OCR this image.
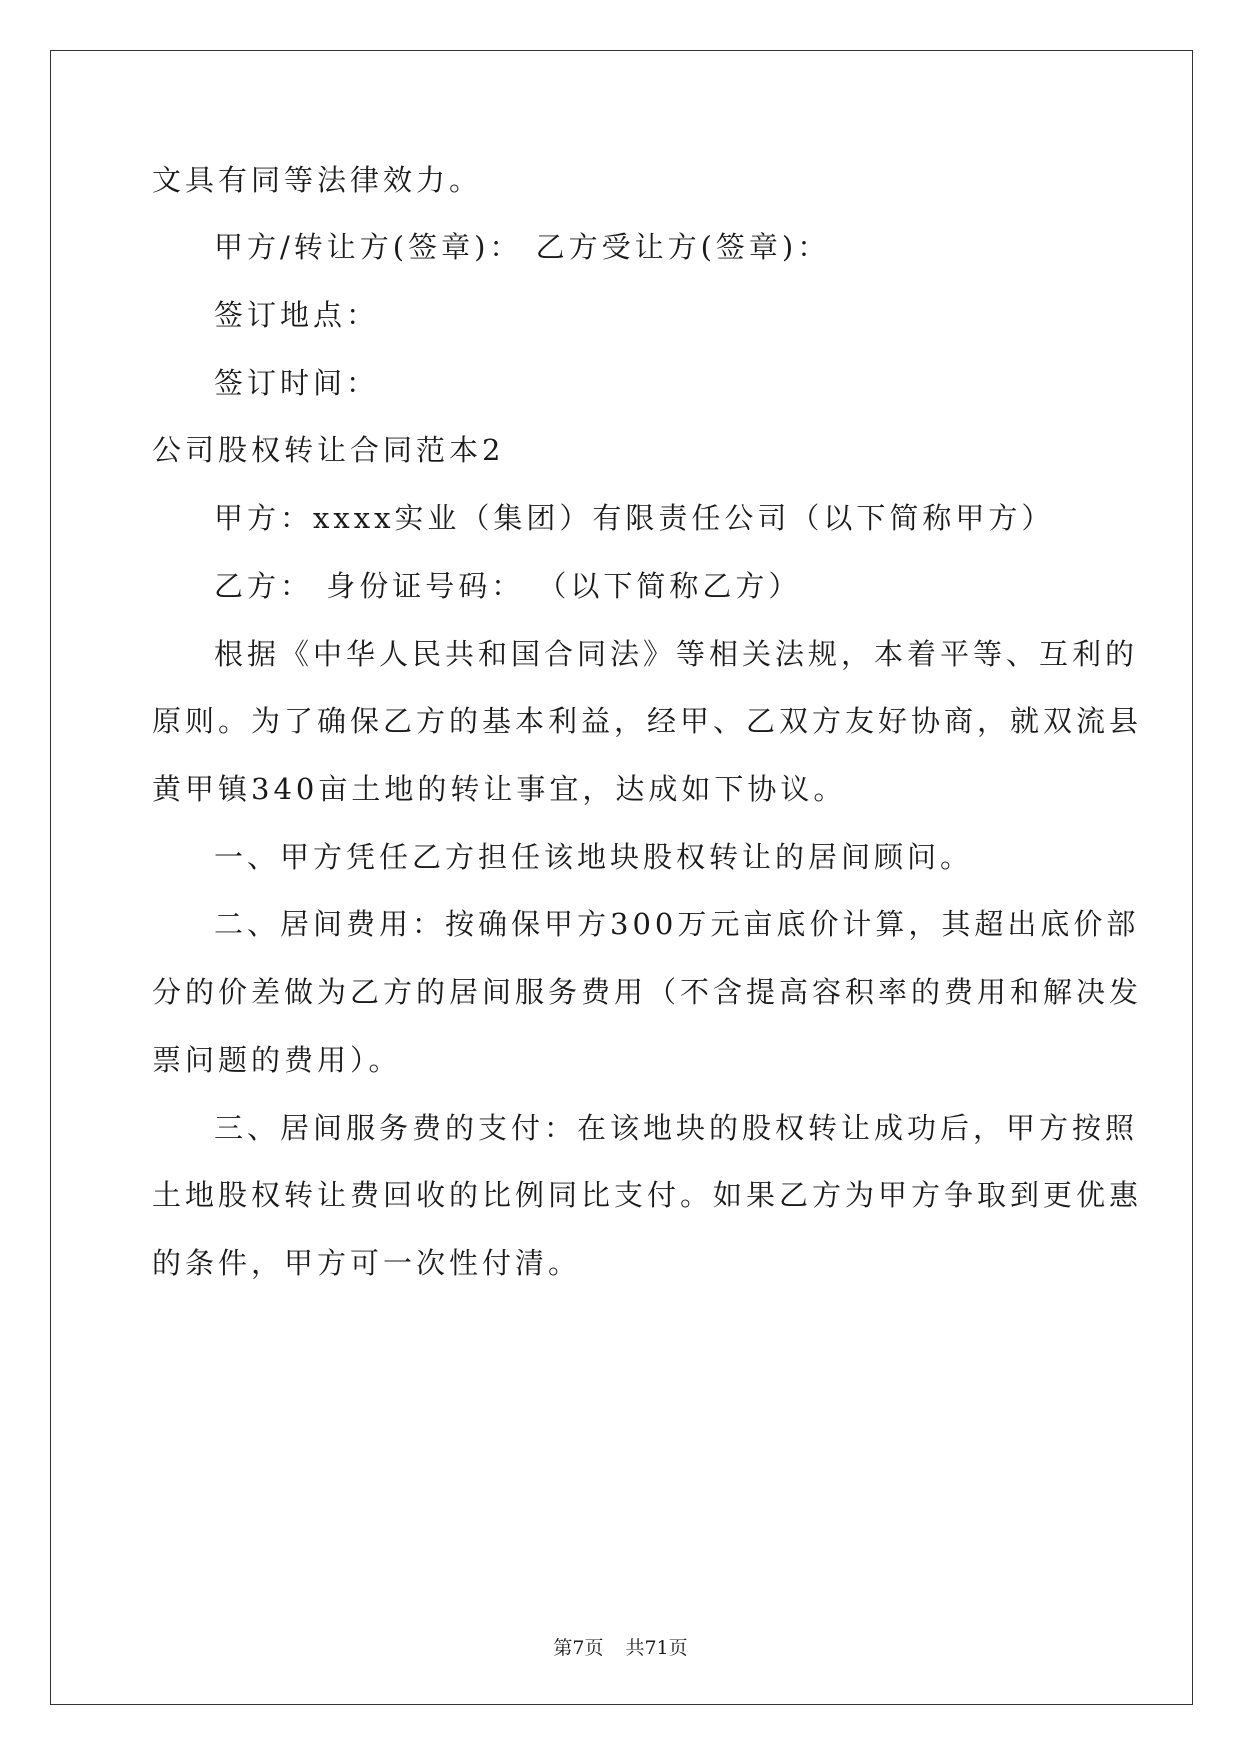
文具有同等法律效力。
甲方/转让方(签章)： 乙方受让方(签章)：
签订地点：
签订时间：
公司股权转让合同范本2
甲方：xxxx实业（集团）有限责任公司（以下简称甲方）
乙方： 身份证号码： （以下简称乙方）
根据《中华人民共和国合同法》等相关法规，本着平等、互利的
原则。为了确保乙方的基本利益，经甲、乙双方友好协商，就双流县
黄甲镇340亩土地的转让事宜，达成如下协议。
一、甲方凭任乙方担任该地块股权转让的居间顾问。
二、居间费用：按确保甲方300万元亩底价计算，其超出底价部
分的价差做为乙方的居间服务费用（不含提高容积率的费用和解决发
票问题的费用）。
三、居间服务费的支付：在该地块的股权转让成功后，甲方按照
土地股权转让费回收的比例同比支付。如果乙方为甲方争取到更优惠
的条件，甲方可一次性付清。
第7页 共71页
